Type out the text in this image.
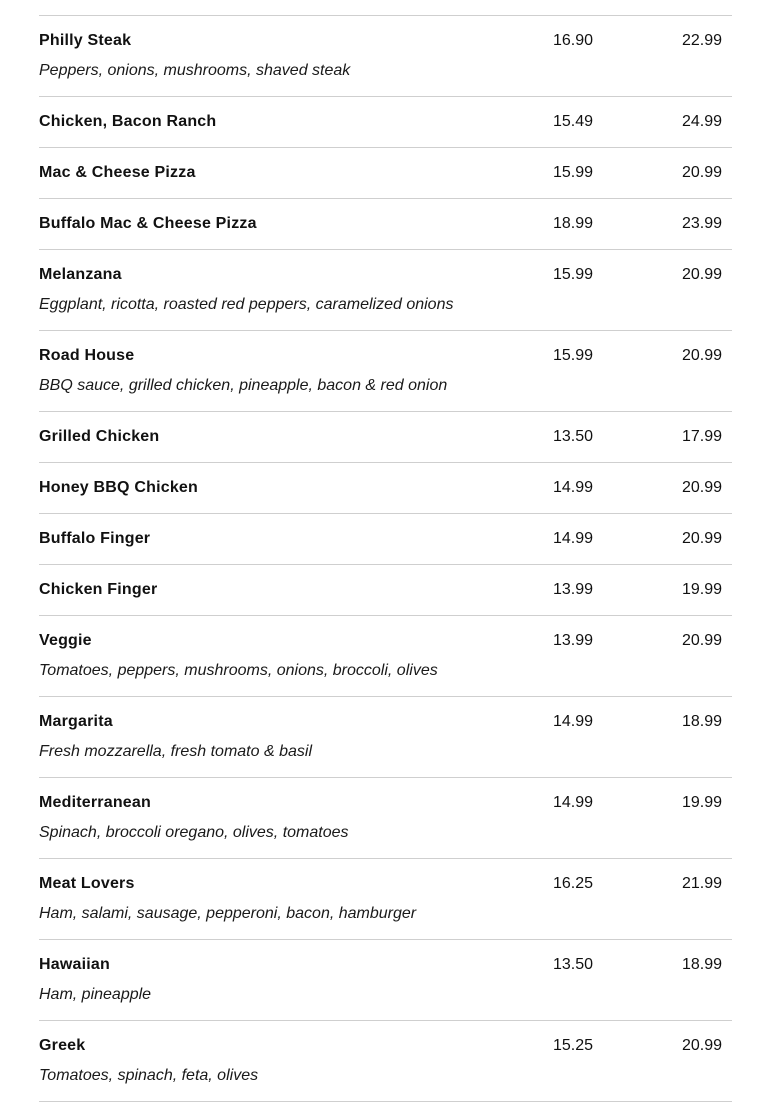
Philly Steak
Peppers, onions, mushrooms, shaved steak
16.90	22.99
Chicken, Bacon Ranch	15.49	24.99
Mac & Cheese Pizza	15.99	20.99
Buffalo Mac & Cheese Pizza	18.99	23.99
Melanzana
Eggplant, ricotta, roasted red peppers, caramelized onions
15.99	20.99
Road House
BBQ sauce, grilled chicken, pineapple, bacon & red onion
15.99	20.99
Grilled Chicken	13.50	17.99
Honey BBQ Chicken	14.99	20.99
Buffalo Finger	14.99	20.99
Chicken Finger	13.99	19.99
Veggie
Tomatoes, peppers, mushrooms, onions, broccoli, olives
13.99	20.99
Margarita
Fresh mozzarella, fresh tomato & basil
14.99	18.99
Mediterranean
Spinach, broccoli oregano, olives, tomatoes
14.99	19.99
Meat Lovers
Ham, salami, sausage, pepperoni, bacon, hamburger
16.25	21.99
Hawaiian
Ham, pineapple
13.50	18.99
Greek
Tomatoes, spinach, feta, olives
15.25	20.99
